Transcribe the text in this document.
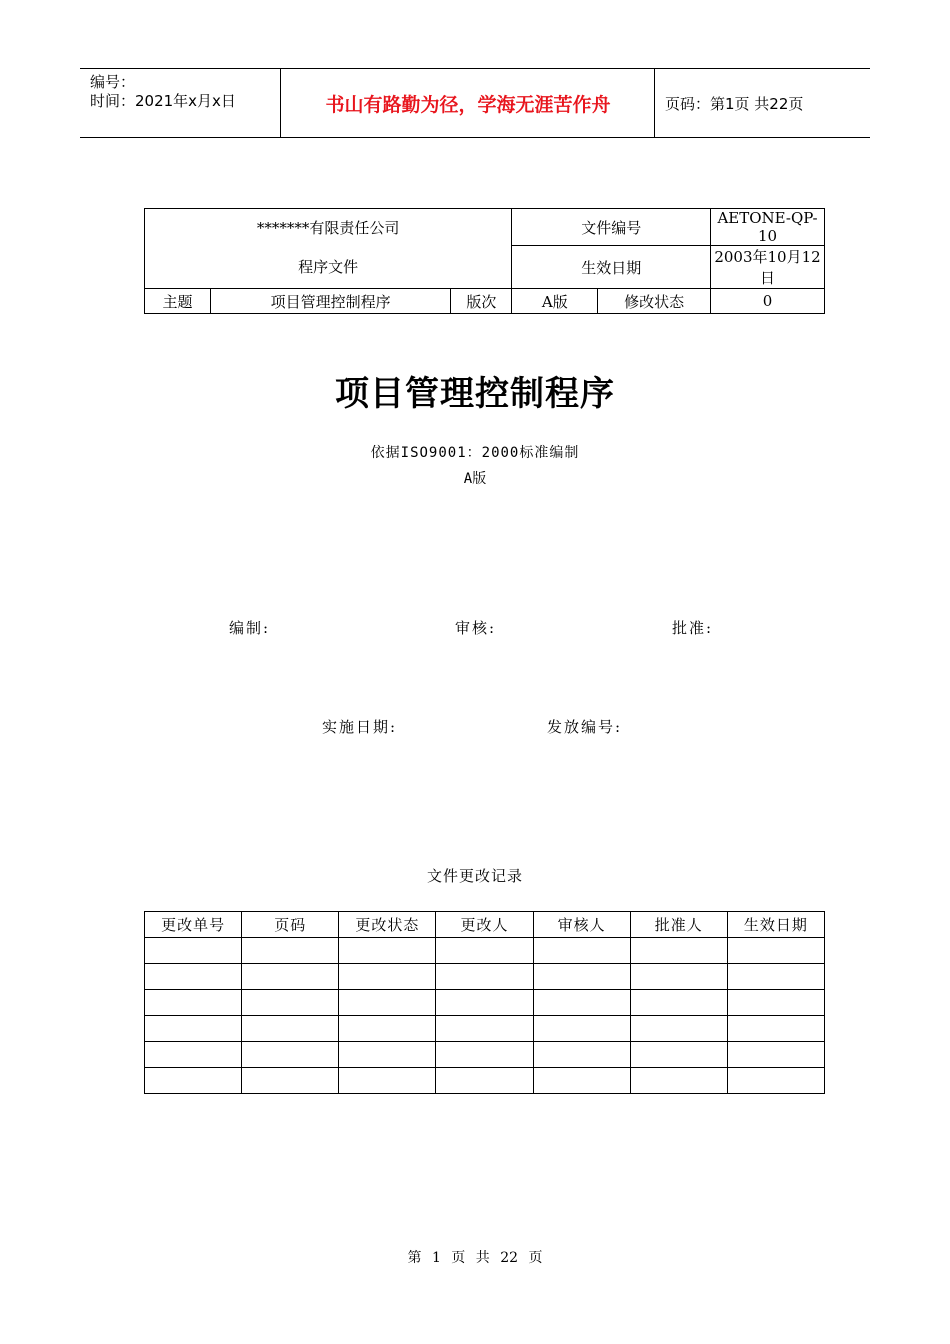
编号：
时间：2021年x月x日	书山有路勤为径，学海无涯苦作舟	页码：第1页 共22页
*******有限责任公司			文件编号		AETONE-QP-10
程序文件			生效日期		2003年10月12日
主题	项目管理控制程序	版次	A版	修改状态	0
项目管理控制程序
依据ISO9001：2000标准编制
A版
编制:	审核:	批准:
实施日期:	发放编号:
文件更改记录
更改单号	页码	更改状态	更改人	审核人	批准人	生效日期

第 1 页 共 22 页
